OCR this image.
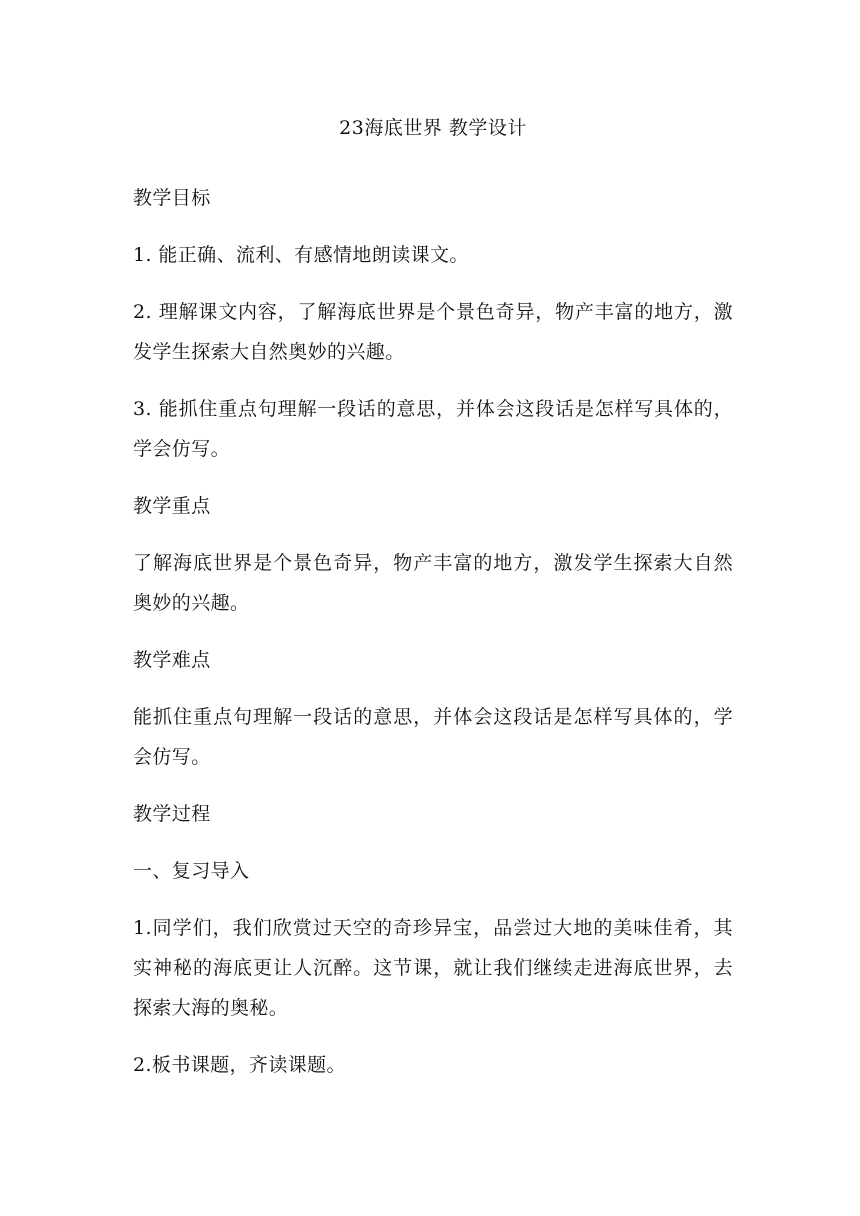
23海底世界 教学设计
教学目标
1. 能正确、流利、有感情地朗读课文。
2. 理解课文内容，了解海底世界是个景色奇异，物产丰富的地方，激发学生探索大自然奥妙的兴趣。
3. 能抓住重点句理解一段话的意思，并体会这段话是怎样写具体的，学会仿写。
教学重点
了解海底世界是个景色奇异，物产丰富的地方，激发学生探索大自然奥妙的兴趣。
教学难点
能抓住重点句理解一段话的意思，并体会这段话是怎样写具体的，学会仿写。
教学过程
一、复习导入
1.同学们，我们欣赏过天空的奇珍异宝，品尝过大地的美味佳肴，其实神秘的海底更让人沉醉。这节课，就让我们继续走进海底世界，去探索大海的奥秘。
2.板书课题，齐读课题。
